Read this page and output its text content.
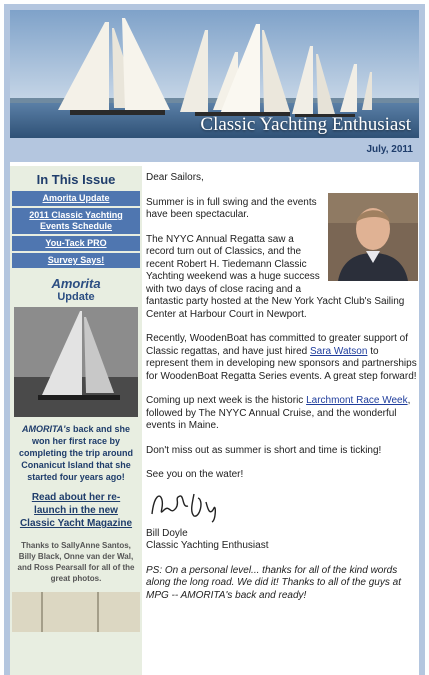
Classic Yachting Enthusiast
July, 2011
In This Issue
Amorita Update
2011 Classic Yachting Events Schedule
You-Tack PRO
Survey Says!
Amorita
Update
AMORITA's back and she won her first race by completing the trip around Conanicut Island that she started four years ago!
Read about her re-launch in the new Classic Yacht Magazine
Thanks to SallyAnne Santos, Billy Black, Onne van der Wal, and Ross Pearsall for all of the great photos.

Dear Sailors,

Summer is in full swing and the events have been spectacular.

The NYYC Annual Regatta saw a record turn out of Classics, and the recent Robert H. Tiedemann Classic Yachting weekend was a huge success with two days of close racing and a fantastic party hosted at the New York Yacht Club's Sailing Center at Harbour Court in Newport.

Recently, WoodenBoat has committed to greater support of Classic regattas, and have just hired Sara Watson to represent them in developing new sponsors and partnerships for WoodenBoat Regatta Series events. A great step forward!

Coming up next week is the historic Larchmont Race Week, followed by The NYYC Annual Cruise, and the wonderful events in Maine.

Don't miss out as summer is short and time is ticking!

See you on the water!

Bill Doyle
Classic Yachting Enthusiast

PS: On a personal level... thanks for all of the kind words along the long road. We did it! Thanks to all of the guys at MPG -- AMORITA's back and ready!
